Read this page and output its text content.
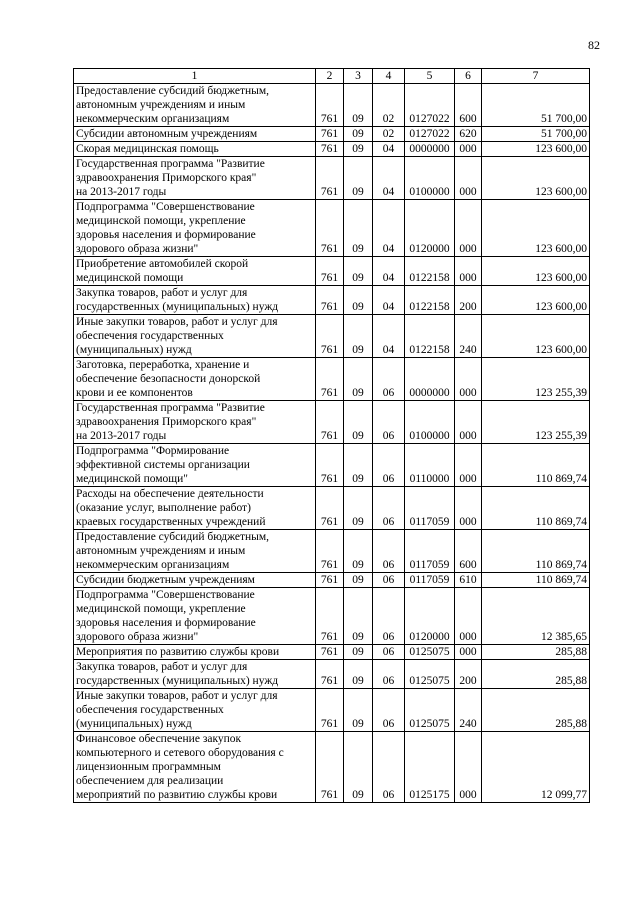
82
1	2	3	4	5	6	7
Предоставление субсидий бюджетным,
автономным учреждениям и иным
некоммерческим организациям	761	09	02	0127022	600	51 700,00
Субсидии автономным учреждениям	761	09	02	0127022	620	51 700,00
Скорая медицинская помощь	761	09	04	0000000	000	123 600,00
Государственная программа "Развитие
здравоохранения Приморского края"
на 2013-2017 годы	761	09	04	0100000	000	123 600,00
Подпрограмма "Совершенствование
медицинской помощи, укрепление
здоровья населения и формирование
здорового образа жизни"	761	09	04	0120000	000	123 600,00
Приобретение автомобилей скорой
медицинской помощи	761	09	04	0122158	000	123 600,00
Закупка товаров, работ и услуг для
государственных (муниципальных) нужд	761	09	04	0122158	200	123 600,00
Иные закупки товаров, работ и услуг для
обеспечения государственных
(муниципальных) нужд	761	09	04	0122158	240	123 600,00
Заготовка, переработка, хранение и
обеспечение безопасности донорской
крови и ее компонентов	761	09	06	0000000	000	123 255,39
Государственная программа "Развитие
здравоохранения Приморского края"
на 2013-2017 годы	761	09	06	0100000	000	123 255,39
Подпрограмма "Формирование
эффективной системы организации
медицинской помощи"	761	09	06	0110000	000	110 869,74
Расходы на обеспечение деятельности
(оказание услуг, выполнение работ)
краевых государственных учреждений	761	09	06	0117059	000	110 869,74
Предоставление субсидий бюджетным,
автономным учреждениям и иным
некоммерческим организациям	761	09	06	0117059	600	110 869,74
Субсидии бюджетным учреждениям	761	09	06	0117059	610	110 869,74
Подпрограмма "Совершенствование
медицинской помощи, укрепление
здоровья населения и формирование
здорового образа жизни"	761	09	06	0120000	000	12 385,65
Мероприятия по развитию службы крови	761	09	06	0125075	000	285,88
Закупка товаров, работ и услуг для
государственных (муниципальных) нужд	761	09	06	0125075	200	285,88
Иные закупки товаров, работ и услуг для
обеспечения государственных
(муниципальных) нужд	761	09	06	0125075	240	285,88
Финансовое обеспечение закупок
компьютерного и сетевого оборудования с
лицензионным программным
обеспечением для реализации
мероприятий по развитию службы крови	761	09	06	0125175	000	12 099,77
